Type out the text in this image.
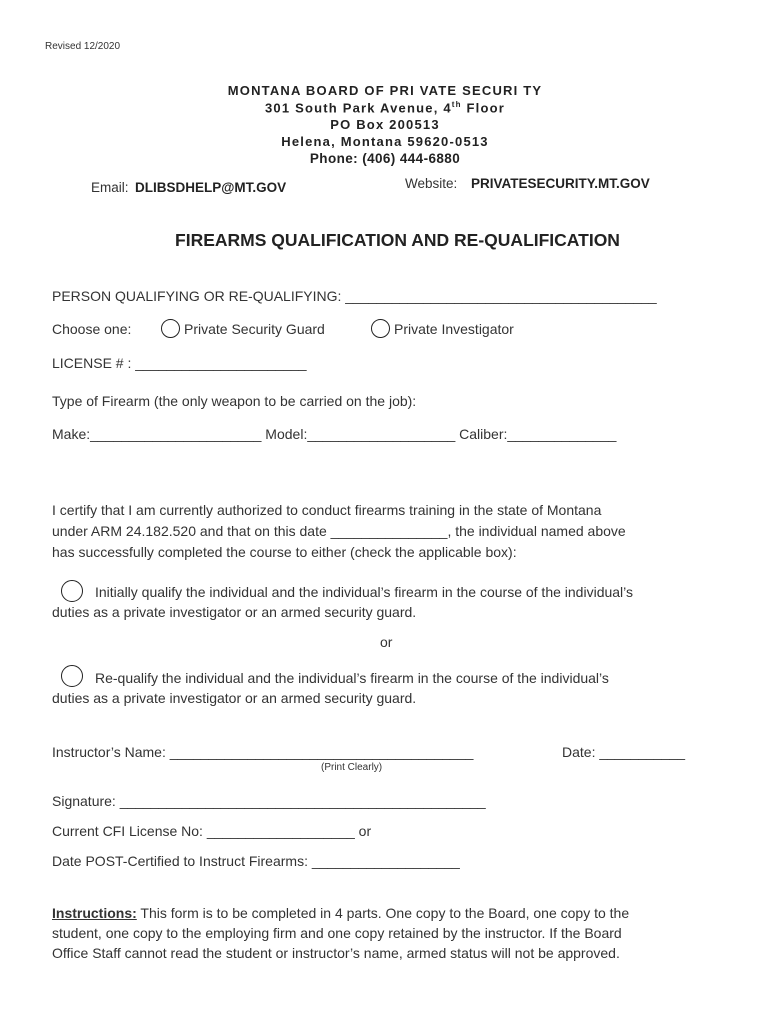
Revised 12/2020
MONTANA BOARD OF PRI VATE SECURI TY
301 South Park Avenue, 4th Floor
PO Box 200513
Helena, Montana 59620-0513
Phone: (406) 444-6880
Email: DLIBSDHELP@MT.GOV	Website: PRIVATESECURITY.MT.GOV
FIREARMS QUALIFICATION AND RE-QUALIFICATION
PERSON QUALIFYING OR RE-QUALIFYING: ________________________________________
Choose one:	Private Security Guard	Private Investigator
LICENSE # : ______________________
Type of Firearm (the only weapon to be carried on the job):
Make:______________________ Model:___________________ Caliber:______________
I certify that I am currently authorized to conduct firearms training in the state of Montana
under ARM 24.182.520 and that on this date _______________, the individual named above
has successfully completed the course to either (check the applicable box):
Initially qualify the individual and the individual’s firearm in the course of the individual’s
duties as a private investigator or an armed security guard.
or
Re-qualify the individual and the individual’s firearm in the course of the individual’s
duties as a private investigator or an armed security guard.
Instructor’s Name: _______________________________________	Date: ___________
(Print Clearly)
Signature: _______________________________________________
Current CFI License No: ___________________ or
Date POST-Certified to Instruct Firearms: ___________________
Instructions: This form is to be completed in 4 parts. One copy to the Board, one copy to the
student, one copy to the employing firm and one copy retained by the instructor. If the Board
Office Staff cannot read the student or instructor’s name, armed status will not be approved.
